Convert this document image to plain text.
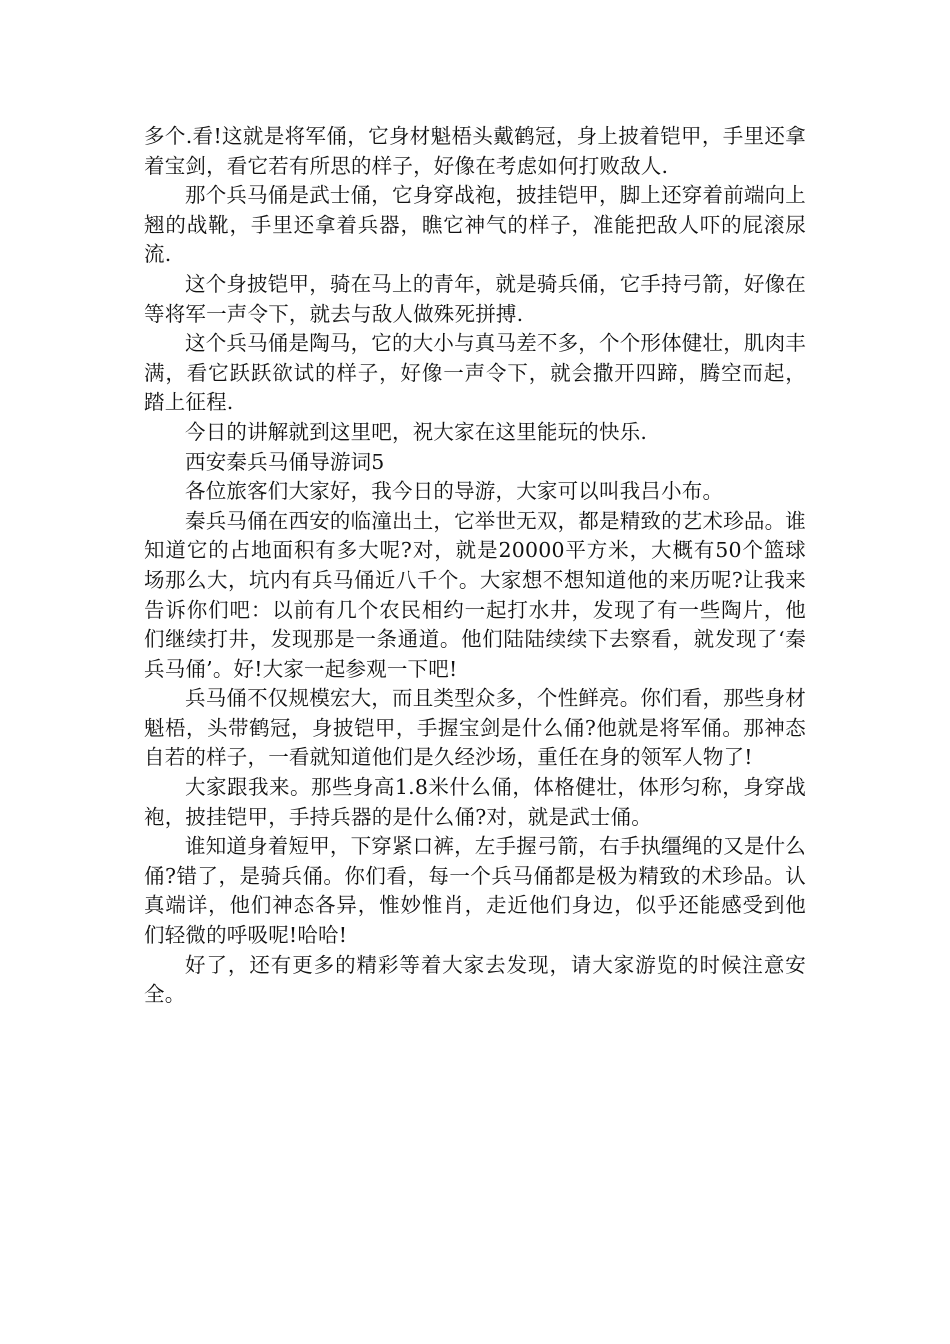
多个.看!这就是将军俑，它身材魁梧头戴鹤冠，身上披着铠甲，手里还拿着宝剑，看它若有所思的样子，好像在考虑如何打败敌人.

那个兵马俑是武士俑，它身穿战袍，披挂铠甲，脚上还穿着前端向上翘的战靴，手里还拿着兵器，瞧它神气的样子，准能把敌人吓的屁滚尿流.

这个身披铠甲，骑在马上的青年，就是骑兵俑，它手持弓箭，好像在等将军一声令下，就去与敌人做殊死拼搏.

这个兵马俑是陶马，它的大小与真马差不多，个个形体健壮，肌肉丰满，看它跃跃欲试的样子，好像一声令下，就会撒开四蹄，腾空而起，踏上征程.

今日的讲解就到这里吧，祝大家在这里能玩的快乐.

西安秦兵马俑导游词5

各位旅客们大家好，我今日的导游，大家可以叫我吕小布。

秦兵马俑在西安的临潼出土，它举世无双，都是精致的艺术珍品。谁知道它的占地面积有多大呢?对，就是20000平方米，大概有50个篮球场那么大，坑内有兵马俑近八千个。大家想不想知道他的来历呢?让我来告诉你们吧：以前有几个农民相约一起打水井，发现了有一些陶片，他们继续打井，发现那是一条通道。他们陆陆续续下去察看，就发现了‘秦兵马俑’。好!大家一起参观一下吧!

兵马俑不仅规模宏大，而且类型众多，个性鲜亮。你们看，那些身材魁梧，头带鹤冠，身披铠甲，手握宝剑是什么俑?他就是将军俑。那神态自若的样子，一看就知道他们是久经沙场，重任在身的领军人物了!

大家跟我来。那些身高1.8米什么俑，体格健壮，体形匀称，身穿战袍，披挂铠甲，手持兵器的是什么俑?对，就是武士俑。

谁知道身着短甲，下穿紧口裤，左手握弓箭，右手执缰绳的又是什么俑?错了，是骑兵俑。你们看，每一个兵马俑都是极为精致的术珍品。认真端详，他们神态各异，惟妙惟肖，走近他们身边，似乎还能感受到他们轻微的呼吸呢!哈哈!

好了，还有更多的精彩等着大家去发现，请大家游览的时候注意安全。
